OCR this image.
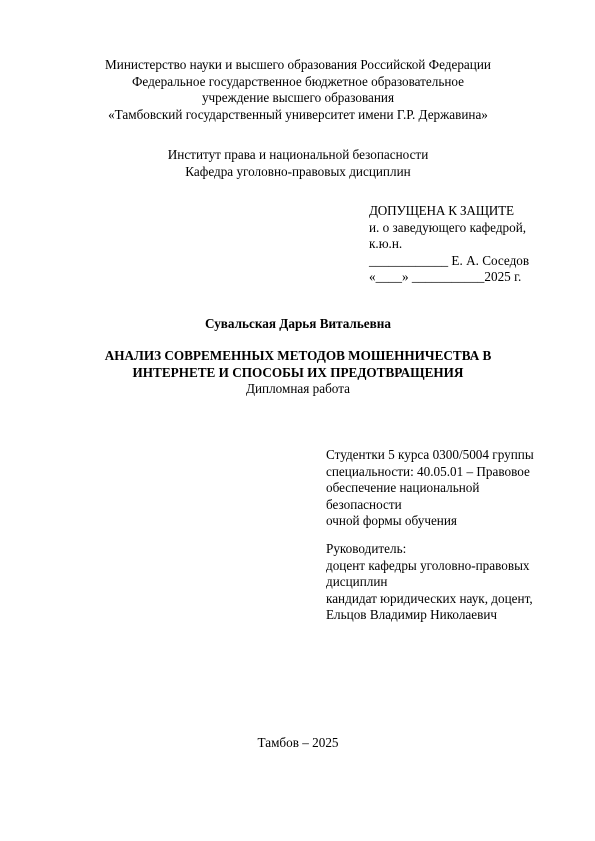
Министерство науки и высшего образования Российской Федерации
Федеральное государственное бюджетное образовательное
учреждение высшего образования
«Тамбовский государственный университет имени Г.Р. Державина»
Институт права и национальной безопасности
Кафедра уголовно-правовых дисциплин
ДОПУЩЕНА К ЗАЩИТЕ
и. о заведующего кафедрой,
к.ю.н.
____________ Е. А. Соседов
«____» ___________2025 г.
Сувальская Дарья Витальевна
АНАЛИЗ СОВРЕМЕННЫХ МЕТОДОВ МОШЕННИЧЕСТВА В
ИНТЕРНЕТЕ И СПОСОБЫ ИХ ПРЕДОТВРАЩЕНИЯ
Дипломная работа
Студентки 5 курса 0300/5004 группы
специальности: 40.05.01 – Правовое
обеспечение национальной
безопасности
очной формы обучения
Руководитель:
доцент кафедры уголовно-правовых
дисциплин
кандидат юридических наук, доцент,
Ельцов Владимир Николаевич
Тамбов – 2025
